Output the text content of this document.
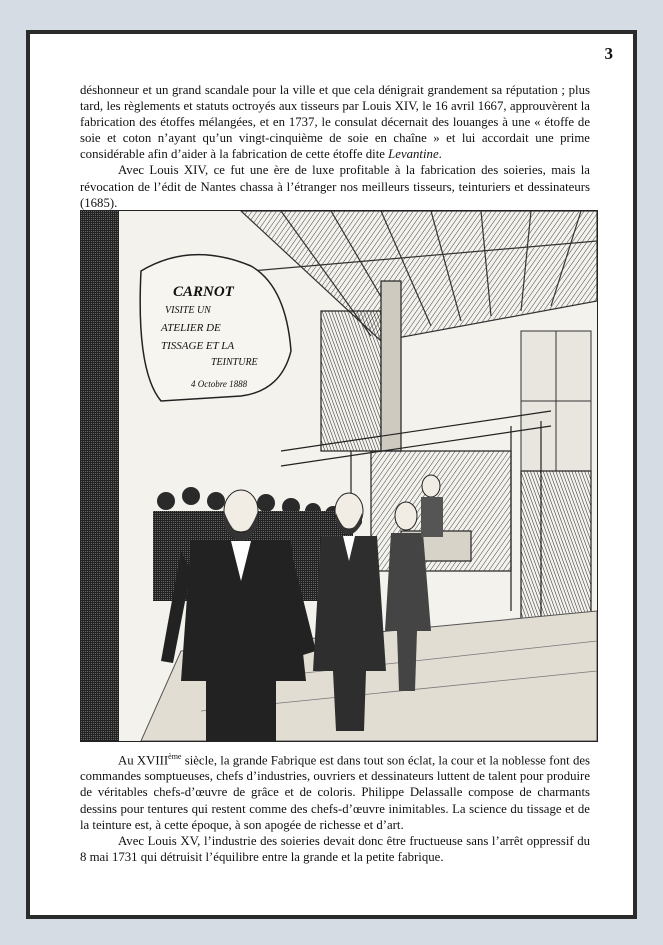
3

déshonneur et un grand scandale pour la ville et que cela dénigrait grandement sa réputation ; plus tard, les règlements et statuts octroyés aux tisseurs par Louis XIV, le 16 avril 1667, approuvèrent la fabrication des étoffes mélangées, et en 1737, le consulat décernait des louanges à une « étoffe de soie et coton n’ayant qu’un vingt-cinquième de soie en chaîne » et lui accordait une prime considérable afin d’aider à la fabrication de cette étoffe dite Levantine.

Avec Louis XIV, ce fut une ère de luxe profitable à la fabrication des soieries, mais la révocation de l’édit de Nantes chassa à l’étranger nos meilleurs tisseurs, teinturiers et dessinateurs (1685).

CARNOT
VISITE UN
ATELIER DE
TISSAGE ET LA
TEINTURE
4 Octobre 1888

Au XVIIIème siècle, la grande Fabrique est dans tout son éclat, la cour et la noblesse font des commandes somptueuses, chefs d’industries, ouvriers et dessinateurs luttent de talent pour produire de véritables chefs-d’œuvre de grâce et de coloris. Philippe Delassalle compose de charmants dessins pour tentures qui restent comme des chefs-d’œuvre inimitables. La science du tissage et de la teinture est, à cette époque, à son apogée de richesse et d’art.

Avec Louis XV, l’industrie des soieries devait donc être fructueuse sans l’arrêt oppressif du 8 mai 1731 qui détruisit l’équilibre entre la grande et la petite fabrique.
